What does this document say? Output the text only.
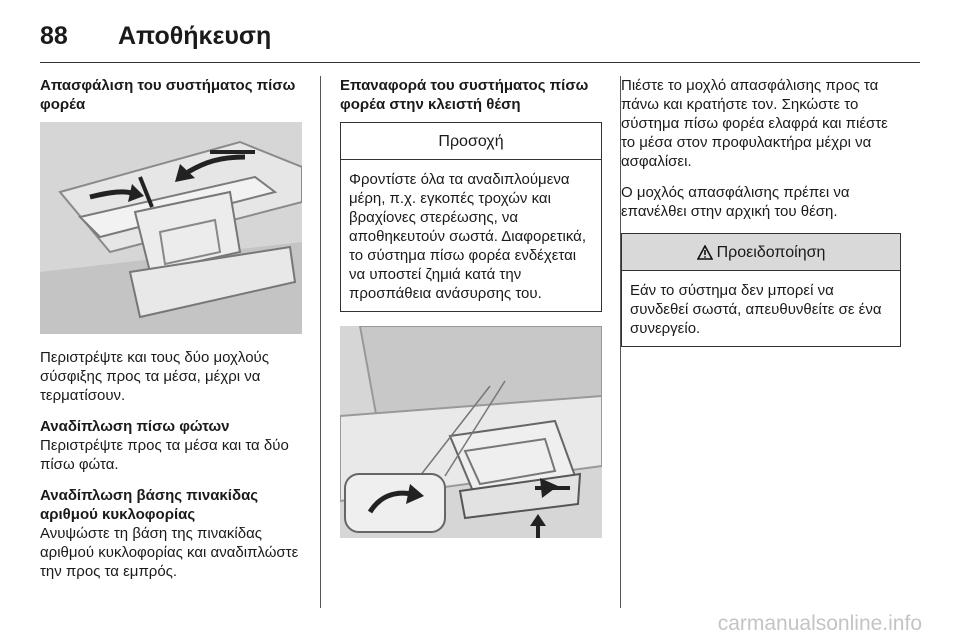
88 Αποθήκευση
Απασφάλιση του συστήματος πίσω φορέα

Περιστρέψτε και τους δύο μοχλούς σύσφιξης προς τα μέσα, μέχρι να τερματίσουν.

Αναδίπλωση πίσω φώτων

Περιστρέψτε προς τα μέσα και τα δύο πίσω φώτα.

Αναδίπλωση βάσης πινακίδας αριθμού κυκλοφορίας

Ανυψώστε τη βάση της πινακίδας αριθμού κυκλοφορίας και αναδιπλώστε την προς τα εμπρός.

Επαναφορά του συστήματος πίσω φορέα στην κλειστή θέση
Προσοχή
Φροντίστε όλα τα αναδιπλούμενα μέρη, π.χ. εγκοπές τροχών και βραχίονες στερέωσης, να αποθηκευτούν σωστά. Διαφορετικά, το σύστημα πίσω φορέα ενδέχεται να υποστεί ζημιά κατά την προσπάθεια ανάσυρσης του.

Πιέστε το μοχλό απασφάλισης προς τα πάνω και κρατήστε τον. Σηκώστε το σύστημα πίσω φορέα ελαφρά και πιέστε το μέσα στον προφυλακτήρα μέχρι να ασφαλίσει.

Ο μοχλός απασφάλισης πρέπει να επανέλθει στην αρχική του θέση.

Προειδοποίηση
Εάν το σύστημα δεν μπορεί να συνδεθεί σωστά, απευθυνθείτε σε ένα συνεργείο.
carmanualsonline.info
